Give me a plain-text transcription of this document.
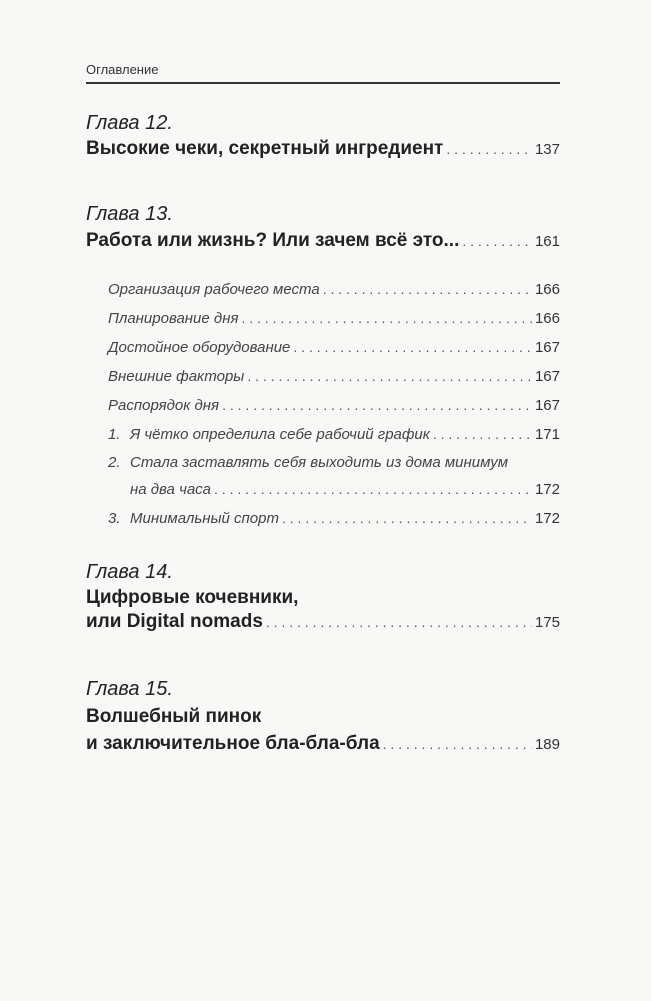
Оглавление
Глава 12.
Высокие чеки, секретный ингредиент . . .	137
Глава 13.
Работа или жизнь? Или зачем всё это... . . .	161
Организация рабочего места . . .	166
Планирование дня . . .	166
Достойное оборудование . . .	167
Внешние факторы . . .	167
Распорядок дня . . .	167
1. Я чётко определила себе рабочий график . . .	171
2. Стала заставлять себя выходить из дома минимум
на два часа . . .	172
3. Минимальный спорт . . .	172
Глава 14.
Цифровые кочевники,
или Digital nomads . . .	175
Глава 15.
Волшебный пинок
и заключительное бла-бла-бла . . .	189
